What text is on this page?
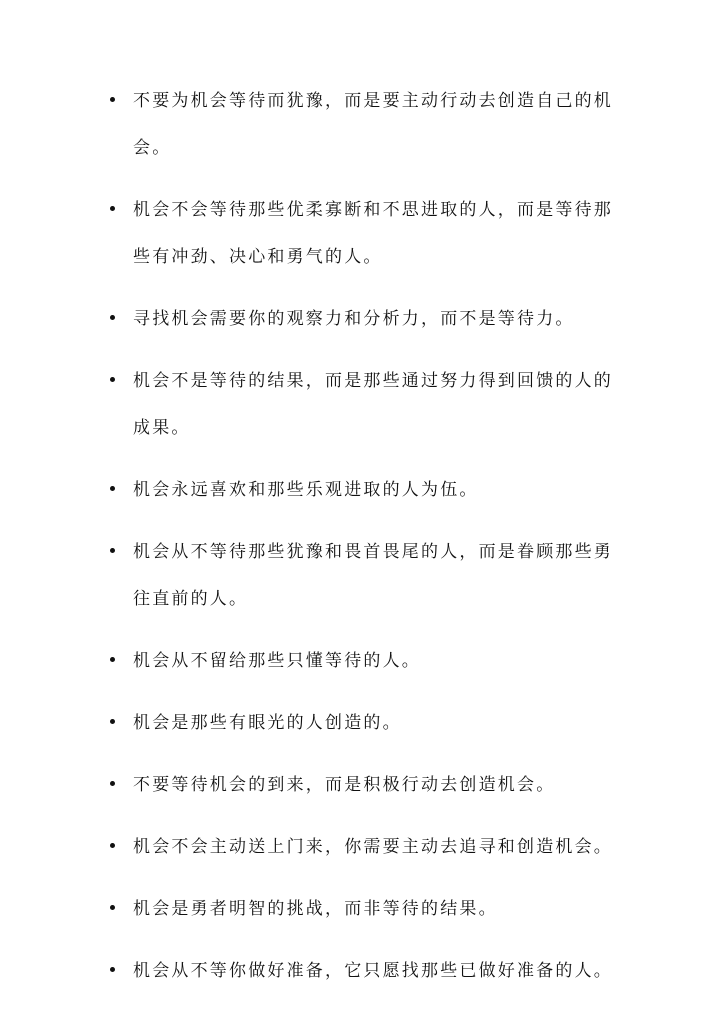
不要为机会等待而犹豫，而是要主动行动去创造自己的机会。
机会不会等待那些优柔寡断和不思进取的人，而是等待那些有冲劲、决心和勇气的人。
寻找机会需要你的观察力和分析力，而不是等待力。
机会不是等待的结果，而是那些通过努力得到回馈的人的成果。
机会永远喜欢和那些乐观进取的人为伍。
机会从不等待那些犹豫和畏首畏尾的人，而是眷顾那些勇往直前的人。
机会从不留给那些只懂等待的人。
机会是那些有眼光的人创造的。
不要等待机会的到来，而是积极行动去创造机会。
机会不会主动送上门来，你需要主动去追寻和创造机会。
机会是勇者明智的挑战，而非等待的结果。
机会从不等你做好准备，它只愿找那些已做好准备的人。
